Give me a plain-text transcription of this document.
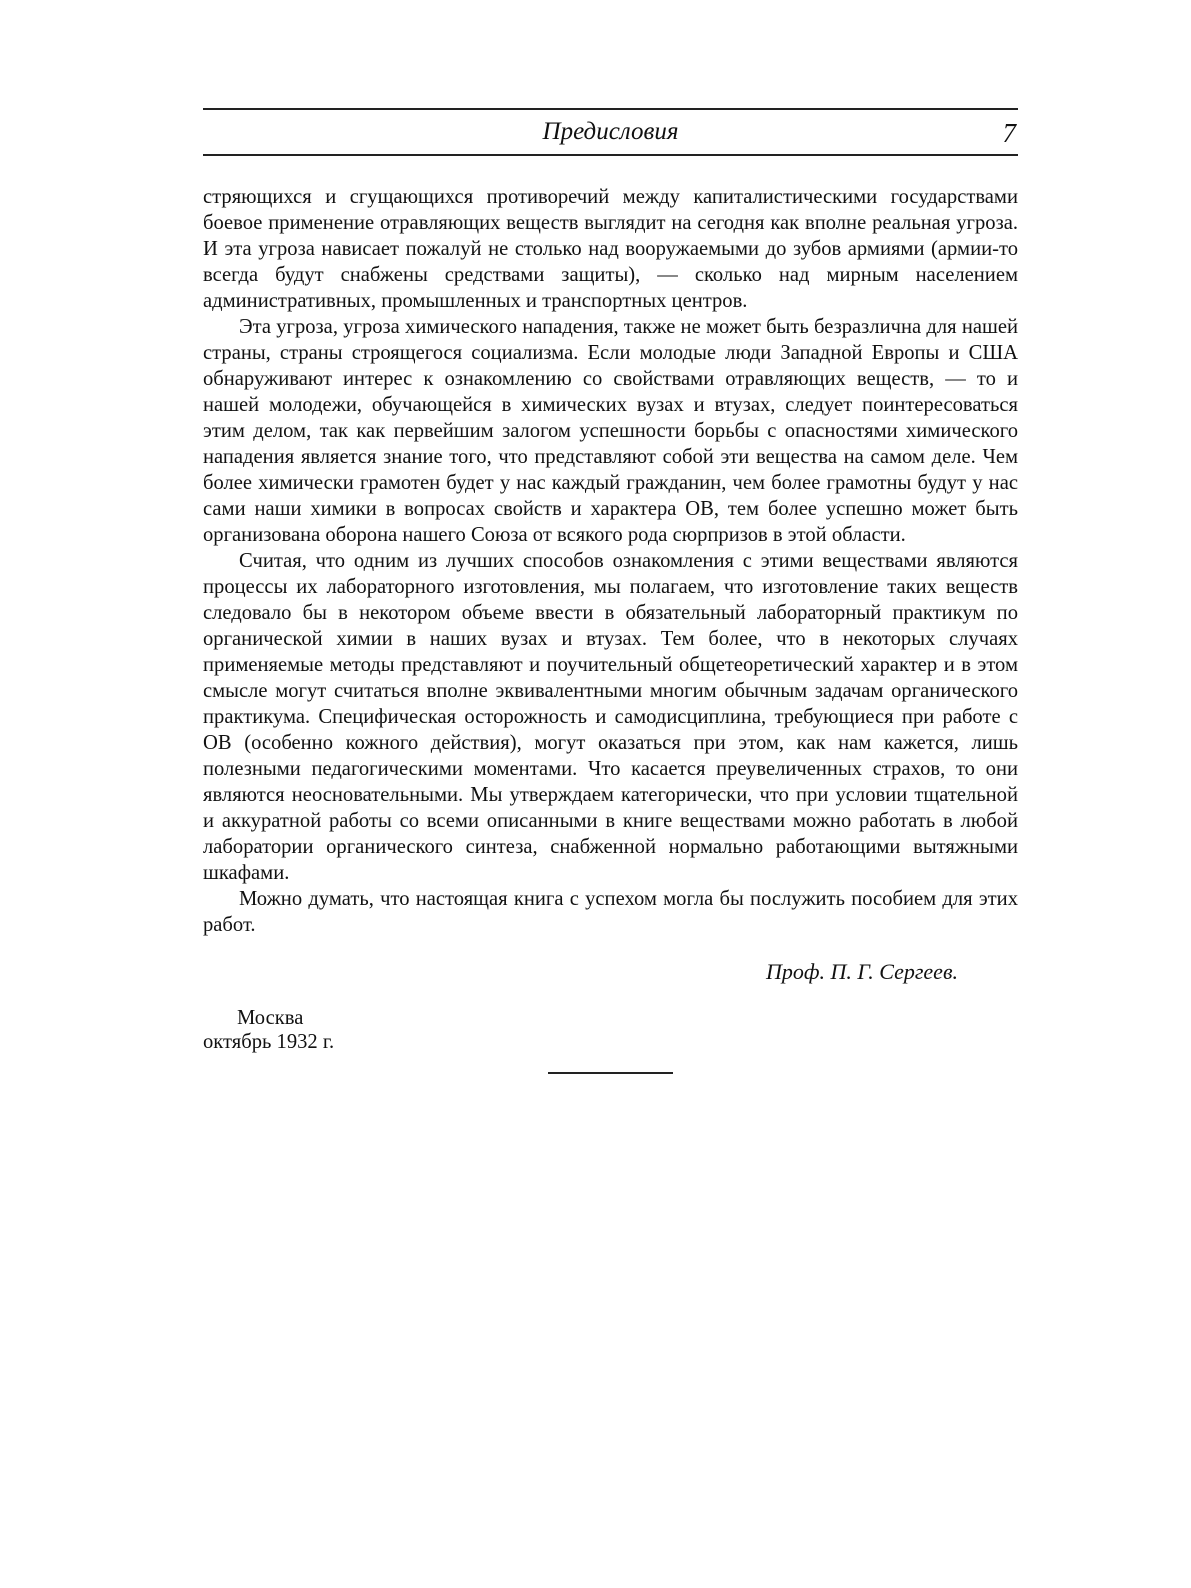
Предисловия	7

стряющихся и сгущающихся противоречий между капиталистическими государствами боевое применение отравляющих веществ выглядит на сегодня как вполне реальная угроза. И эта угроза нависает пожалуй не столько над вооружаемыми до зубов армиями (армии-то всегда будут снабжены средствами защиты), — сколько над мирным населением административных, промышленных и транспортных центров.

Эта угроза, угроза химического нападения, также не может быть безразлична для нашей страны, страны строящегося социализма. Если молодые люди Западной Европы и США обнаруживают интерес к ознакомлению со свойствами отравляющих веществ, — то и нашей молодежи, обучающейся в химических вузах и втузах, следует поинтересоваться этим делом, так как первейшим залогом успешности борьбы с опасностями химического нападения является знание того, что представляют собой эти вещества на самом деле. Чем более химически грамотен будет у нас каждый гражданин, чем более грамотны будут у нас сами наши химики в вопросах свойств и характера ОВ, тем более успешно может быть организована оборона нашего Союза от всякого рода сюрпризов в этой области.

Считая, что одним из лучших способов ознакомления с этими веществами являются процессы их лабораторного изготовления, мы полагаем, что изготовление таких веществ следовало бы в некотором объеме ввести в обязательный лабораторный практикум по органической химии в наших вузах и втузах. Тем более, что в некоторых случаях применяемые методы представляют и поучительный общетеоретический характер и в этом смысле могут считаться вполне эквивалентными многим обычным задачам органического практикума. Специфическая осторожность и самодисциплина, требующиеся при работе с ОВ (особенно кожного действия), могут оказаться при этом, как нам кажется, лишь полезными педагогическими моментами. Что касается преувеличенных страхов, то они являются неосновательными. Мы утверждаем категорически, что при условии тщательной и аккуратной работы со всеми описанными в книге веществами можно работать в любой лаборатории органического синтеза, снабженной нормально работающими вытяжными шкафами.

Можно думать, что настоящая книга с успехом могла бы послужить пособием для этих работ.

Проф. П. Г. Сергеев.
Москва
октябрь 1932 г.
